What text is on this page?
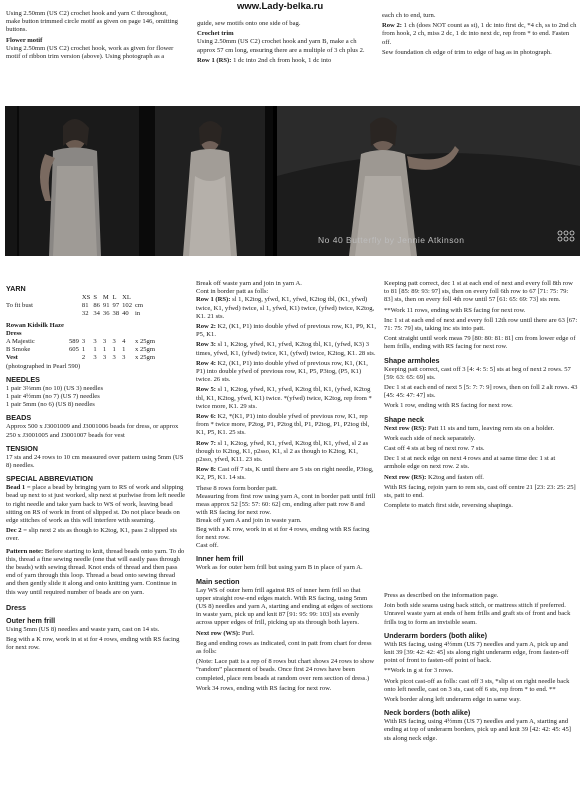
www.Lady-belka.ru

Using 2.50mm (US C2) crochet hook and yarn C throughout, make button trimmed circle motif as given on page 146, omitting buttons.

Flower motif

Using 2.50mm (US C2) crochet hook, work as given for flower motif of ribbon trim version (above). Using photograph as a

guide, sew motifs onto one side of bag.

Crochet trim

Using 2.50mm (US C2) crochet hook and yarn B, make a ch approx 57 cm long, ensuring there are a multiple of 3 ch plus 2.

Row 1 (RS): 1 dc into 2nd ch from hook, 1 dc into

each ch to end, turn.

Row 2: 1 ch (does NOT count as st), 1 dc into first dc, *4 ch, ss to 2nd ch from hook, 2 ch, miss 2 dc, 1 dc into next dc, rep from * to end. Fasten off.

Sew foundation ch edge of trim to edge of bag as in photograph.

No 40 Butterfly by Jennie Atkinson
YARN
		XS	S	M	L	XL	
To fit bust		81	86	91	97	102	cm
		32	34	36	38	40	in
Rowan Kidsilk Haze							
Dress							
A Majestic	589	3	3	3	3	4	x 25gm
B Smoke	605	1	1	1	1	1	x 25gm
Vest		2	3	3	3	3	x 25gm

(photographed in Pearl 590)

NEEDLES
1 pair 3⅔mm (no 10) (US 3) needles
1 pair 4½mm (no 7) (US 7) needles
1 pair 5mm (no 6) (US 8) needles
BEADS

Approx 500 x J3001009 and J3001006 beads for dress, or approx 250 x J3001005 and J3001007 beads for vest

TENSION

17 sts and 24 rows to 10 cm measured over pattern using 5mm (US 8) needles.

SPECIAL ABBREVIATION

Bead 1 = place a bead by bringing yarn to RS of work and slipping bead up next to st just worked, slip next st purlwise from left needle to right needle and take yarn back to WS of work, leaving bead sitting on RS of work in front of slipped st. Do not place beads on edge stitches of work as this will interfere with seaming.

Dec 2 = slip next 2 sts as though to K2tog, K1, pass 2 slipped sts over.

Pattern note: Before starting to knit, thread beads onto yarn. To do this, thread a fine sewing needle (one that will easily pass through the beads) with sewing thread. Knot ends of thread and then pass end of yarn through this loop. Thread a bead onto sewing thread and then gently slide it along and onto knitting yarn. Continue in this way until required number of beads are on yarn.

Dress
Outer hem frill

Using 5mm (US 8) needles and waste yarn, cast on 14 sts.

Beg with a K row, work in st st for 4 rows, ending with RS facing for next row.

Break off waste yarn and join in yarn A.
Cont in border patt as folls:

Row 1 (RS): sl 1, K2tog, yfwd, K1, yfwd, K2tog tbl, (K1, yfwd) twice, K1, yfwd) twice, sl 1, yfwd, K1) twice, (yfwd) twice, K2tog, K1. 21 sts.

Row 2: K2, (K1, P1) into double yfwd of previous row, K1, P9, K1, P5, K1.

Row 3: sl 1, K2tog, yfwd, K1, yfwd, K2tog tbl, K1, (yfwd, K3) 3 times, yfwd, K1, (yfwd) twice, K1, (yfwd) twice, K2tog, K1. 28 sts.

Row 4: K2, (K1, P1) into double yfwd of previous row, K1, (K1, P1) into double yfwd of previous row, K1, P5, P3tog, (P5, K1) twice. 26 sts.

Row 5: sl 1, K2tog, yfwd, K1, yfwd, K2tog tbl, K1, (yfwd, K2tog tbl, K1, K2tog, yfwd, K1) twice. *(yfwd) twice, K2tog, rep from * twice more, K1. 29 sts.

Row 6: K2, *(K1, P1) into double yfwd of previous row, K1, rep from * twice more, P2tog, P1, P2tog tbl, P1, P2tog, P1, P2tog tbl, K1, P5, K1. 25 sts.

Row 7: sl 1, K2tog, yfwd, K1, yfwd, K2tog tbl, K1, yfwd, sl 2 as though to K2tog, K1, p2sso, K1, sl 2 as though to K2tog, K1, p2sso, yfwd, K11. 23 sts.

Row 8: Cast off 7 sts, K until there are 5 sts on right needle, P3tog, K2, P5, K1. 14 sts.

These 8 rows form border patt.
Measuring from first row using yarn A, cont in border patt until frill meas approx 52 [55: 57: 60: 62] cm, ending after patt row 8 and with RS facing for next row.
Break off yarn A and join in waste yarn.
Beg with a K row, work in st st for 4 rows, ending with RS facing for next row.
Cast off.
Inner hem frill

Work as for outer hem frill but using yarn B in place of yarn A.

Main section

Lay WS of outer hem frill against RS of inner hem frill so that upper straight row-end edges match. With RS facing, using 5mm (US 8) needles and yarn A, starting and ending at edges of sections in waste yarn, pick up and knit 87 [91: 95: 99: 103] sts evenly across upper edges of frill, picking up sts through both layers.

Next row (WS): Purl.

Beg and ending rows as indicated, cont in patt from chart for dress as folls:

(Note: Lace patt is a rep of 8 rows but chart shows 24 rows to show “random” placement of beads. Once first 24 rows have been completed, place rem beads at random over rem section of dress.)

Work 34 rows, ending with RS facing for next row.

Keeping patt correct, dec 1 st at each end of next and every foll 8th row to 81 [85: 89: 93: 97] sts, then on every foll 6th row to 67 [71: 75: 79: 83] sts, then on every foll 4th row until 57 [61: 65: 69: 73] sts rem.

**Work 11 rows, ending with RS facing for next row.

Inc 1 st at each end of next and every foll 12th row until there are 63 [67: 71: 75: 79] sts, taking inc sts into patt.

Cont straight until work meas 79 [80: 80: 81: 81] cm from lower edge of hem frills, ending with RS facing for next row.

Shape armholes

Keeping patt correct, cast off 3 [4: 4: 5: 5] sts at beg of next 2 rows. 57 [59: 63: 65: 69] sts.

Dec 1 st at each end of next 5 [5: 7: 7: 9] rows, then on foll 2 alt rows. 43 [45: 45: 47: 47] sts.

Work 1 row, ending with RS facing for next row.

Shape neck

Next row (RS): Patt 11 sts and turn, leaving rem sts on a holder.

Work each side of neck separately.

Cast off 4 sts at beg of next row. 7 sts.

Dec 1 st at neck edge on next 4 rows and at same time dec 1 st at armhole edge on next row. 2 sts.

Next row (RS): K2tog and fasten off.

With RS facing, rejoin yarn to rem sts, cast off centre 21 [23: 23: 25: 25] sts, patt to end.

Complete to match first side, reversing shapings.

Press as described on the information page.

Join both side seams using back stitch, or mattress stitch if preferred. Unravel waste yarn at ends of hem frills and graft sts of front and back frills tog to form an invisible seam.

Underarm borders (both alike)

With RS facing, using 4½mm (US 7) needles and yarn A, pick up and knit 39 [39: 42: 42: 45] sts along right underarm edge, from fasten-off point of front to fasten-off point of back.

**Work in g st for 3 rows.

Work picot cast-off as folls: cast off 3 sts, *slip st on right needle back onto left needle, cast on 3 sts, cast off 6 sts, rep from * to end. **

Work border along left underarm edge in same way.

Neck borders (both alike)

With RS facing, using 4½mm (US 7) needles and yarn A, starting and ending at top of underarm borders, pick up and knit 39 [42: 42: 45: 45] sts along neck edge.
